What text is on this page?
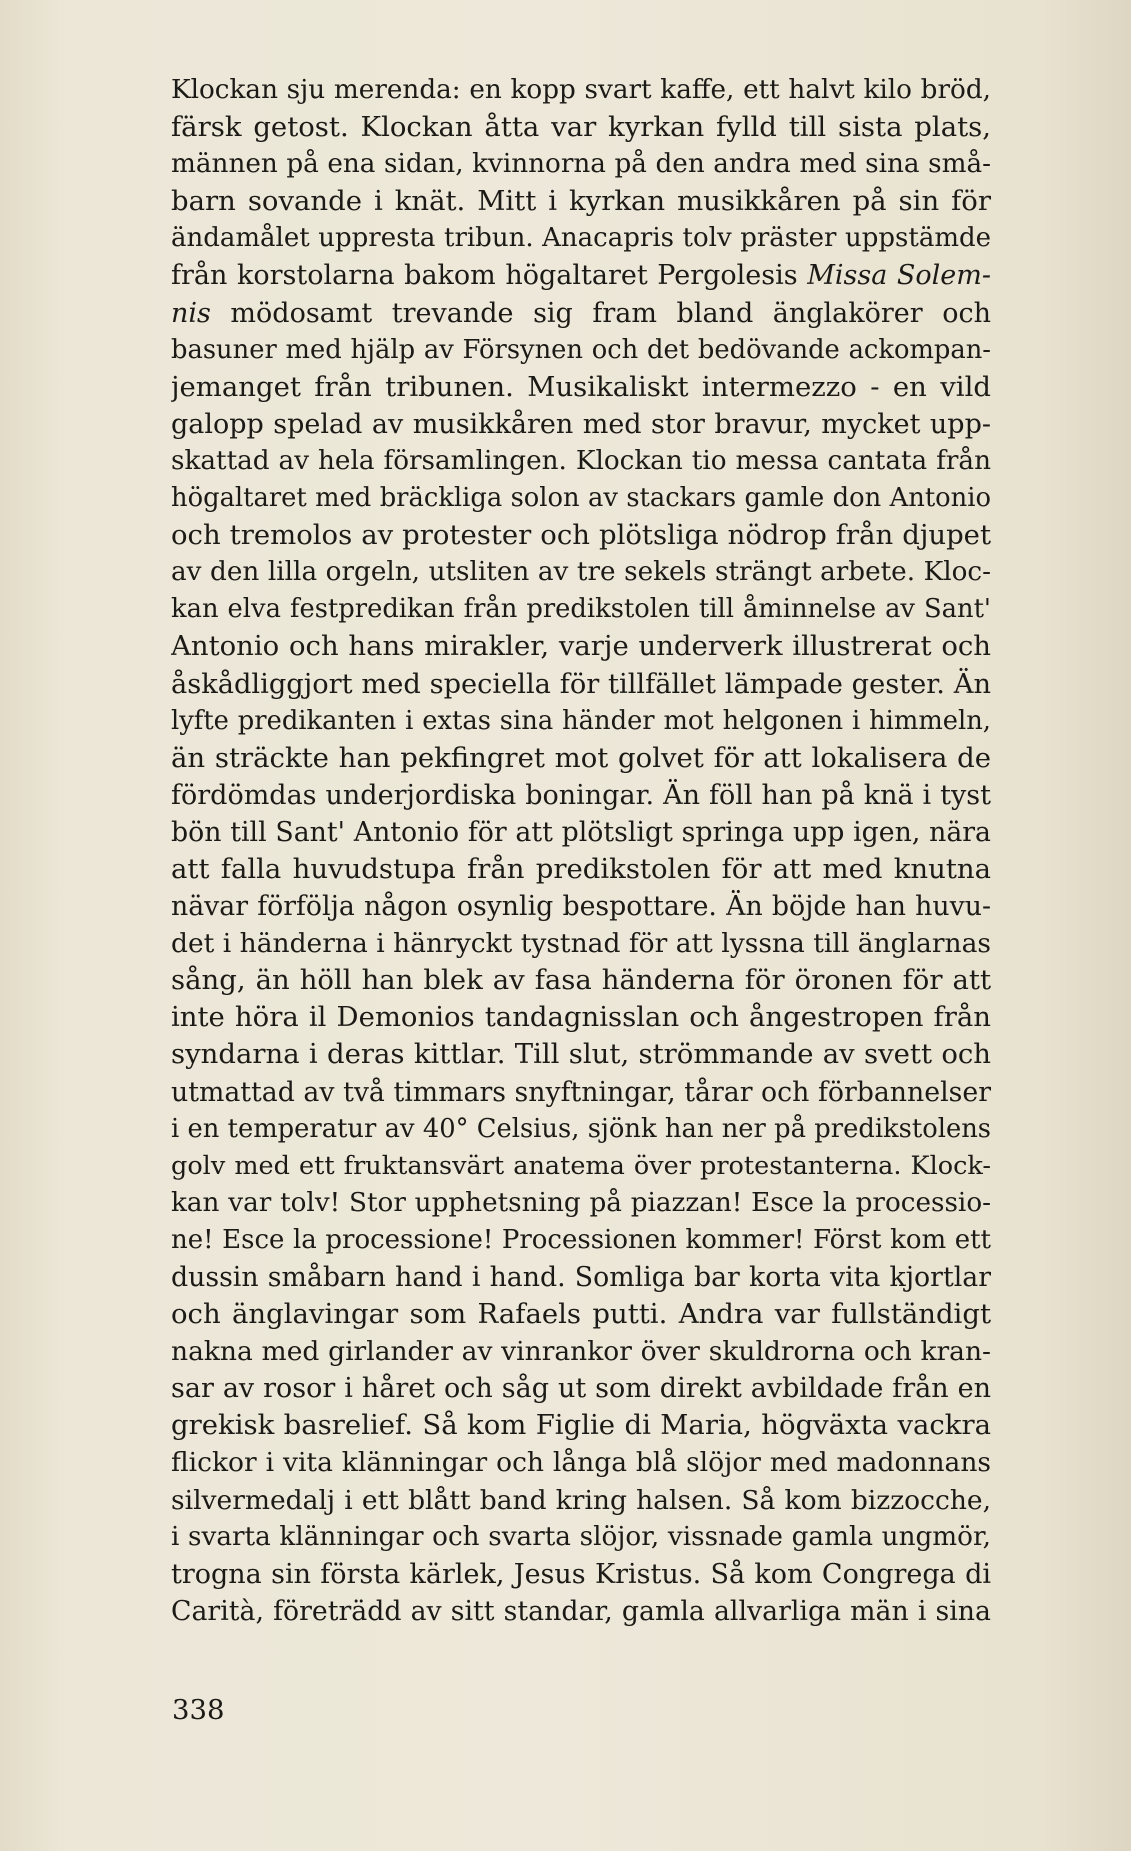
Klockan sju merenda: en kopp svart kaffe, ett halvt kilo bröd,
färsk getost. Klockan åtta var kyrkan fylld till sista plats,
männen på ena sidan, kvinnorna på den andra med sina små-
barn sovande i knät. Mitt i kyrkan musikkåren på sin för
ändamålet uppresta tribun. Anacapris tolv präster uppstämde
från korstolarna bakom högaltaret Pergolesis Missa Solem-
nis mödosamt trevande sig fram bland änglakörer och
basuner med hjälp av Försynen och det bedövande ackompan-
jemanget från tribunen. Musikaliskt intermezzo - en vild
galopp spelad av musikkåren med stor bravur, mycket upp-
skattad av hela församlingen. Klockan tio messa cantata från
högaltaret med bräckliga solon av stackars gamle don Antonio
och tremolos av protester och plötsliga nödrop från djupet
av den lilla orgeln, utsliten av tre sekels strängt arbete. Kloc-
kan elva festpredikan från predikstolen till åminnelse av Sant'
Antonio och hans mirakler, varje underverk illustrerat och
åskådliggjort med speciella för tillfället lämpade gester. Än
lyfte predikanten i extas sina händer mot helgonen i himmeln,
än sträckte han pekfingret mot golvet för att lokalisera de
fördömdas underjordiska boningar. Än föll han på knä i tyst
bön till Sant' Antonio för att plötsligt springa upp igen, nära
att falla huvudstupa från predikstolen för att med knutna
nävar förfölja någon osynlig bespottare. Än böjde han huvu-
det i händerna i hänryckt tystnad för att lyssna till änglarnas
sång, än höll han blek av fasa händerna för öronen för att
inte höra il Demonios tandagnisslan och ångestropen från
syndarna i deras kittlar. Till slut, strömmande av svett och
utmattad av två timmars snyftningar, tårar och förbannelser
i en temperatur av 40° Celsius, sjönk han ner på predikstolens
golv med ett fruktansvärt anatema över protestanterna. Klock-
kan var tolv! Stor upphetsning på piazzan! Esce la processio-
ne! Esce la processione! Processionen kommer! Först kom ett
dussin småbarn hand i hand. Somliga bar korta vita kjortlar
och änglavingar som Rafaels putti. Andra var fullständigt
nakna med girlander av vinrankor över skuldrorna och kran-
sar av rosor i håret och såg ut som direkt avbildade från en
grekisk basrelief. Så kom Figlie di Maria, högväxta vackra
flickor i vita klänningar och långa blå slöjor med madonnans
silvermedalj i ett blått band kring halsen. Så kom bizzocche,
i svarta klänningar och svarta slöjor, vissnade gamla ungmör,
trogna sin första kärlek, Jesus Kristus. Så kom Congrega di
Carità, företrädd av sitt standar, gamla allvarliga män i sina
338
